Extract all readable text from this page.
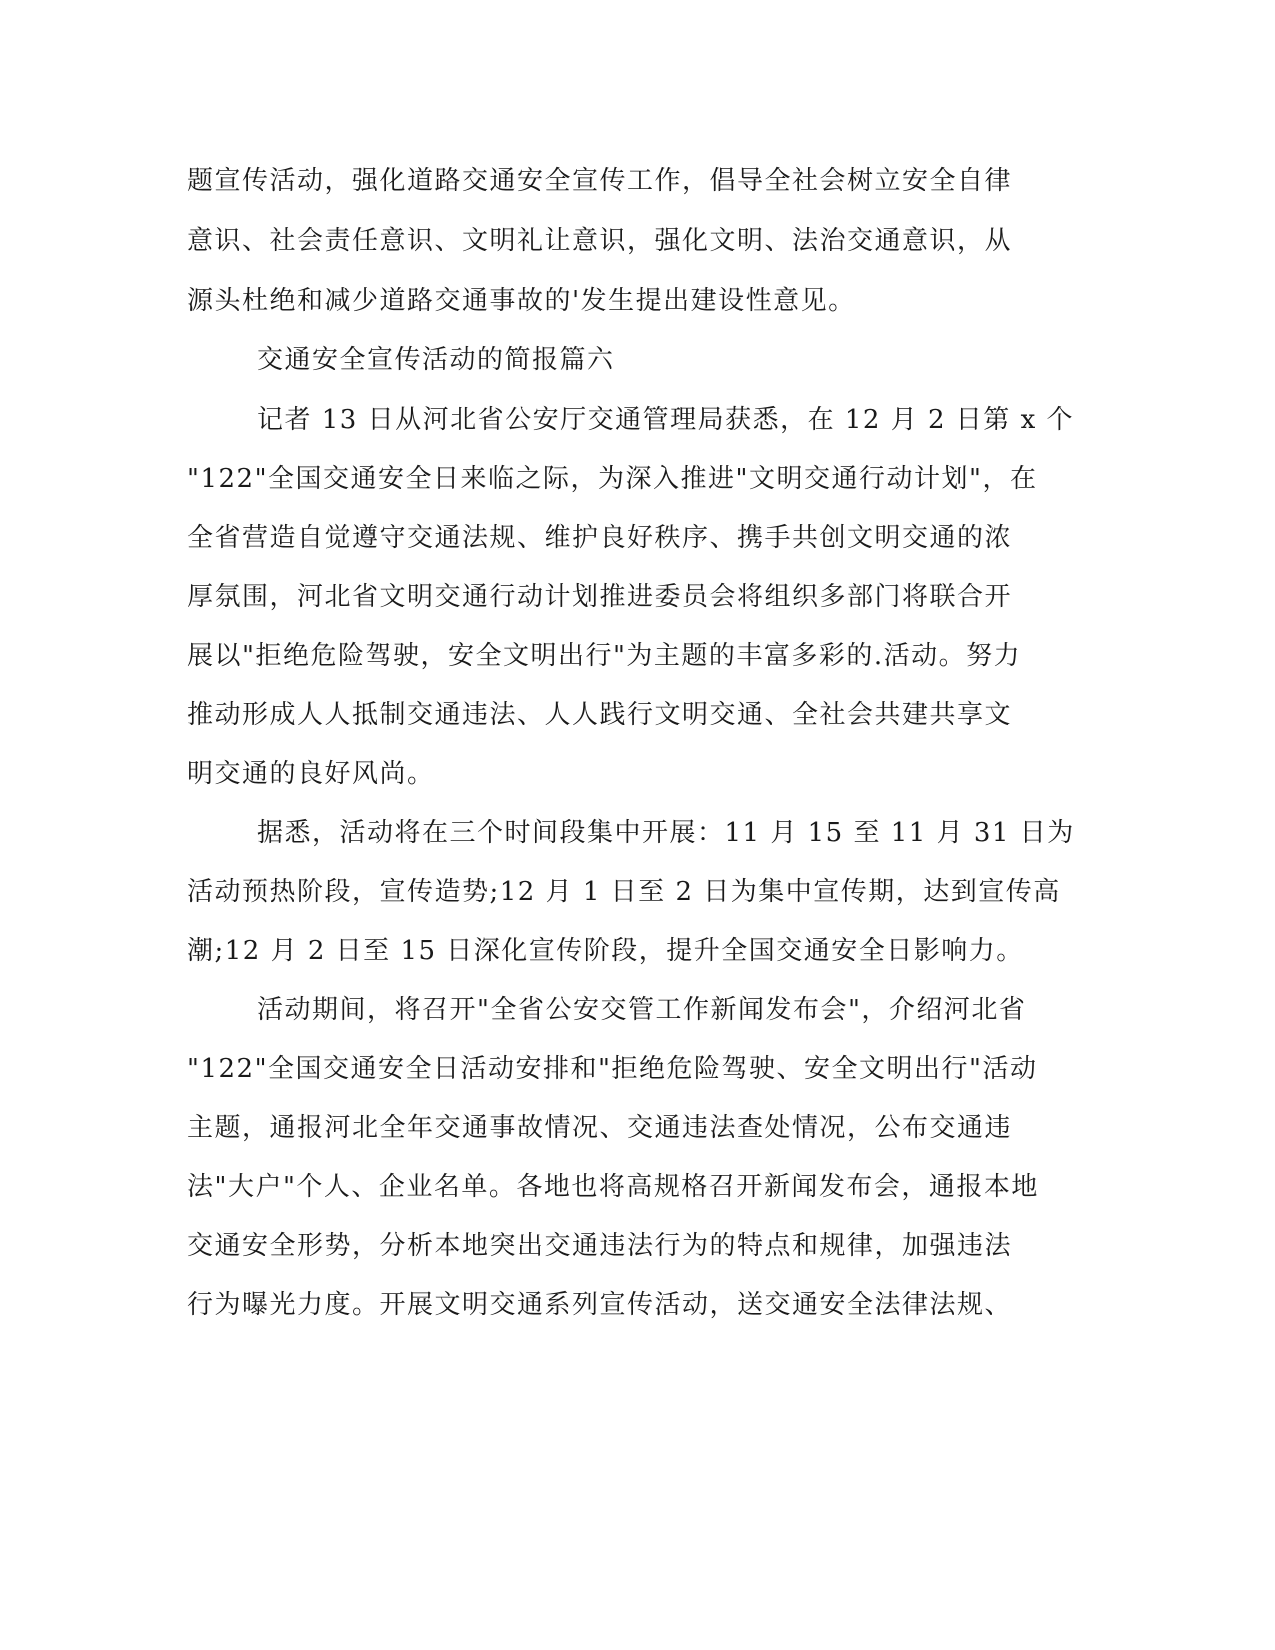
题宣传活动，强化道路交通安全宣传工作，倡导全社会树立安全自律
意识、社会责任意识、文明礼让意识，强化文明、法治交通意识，从
源头杜绝和减少道路交通事故的'发生提出建设性意见。
交通安全宣传活动的简报篇六
记者 13 日从河北省公安厅交通管理局获悉，在 12 月 2 日第 x 个
"122"全国交通安全日来临之际，为深入推进"文明交通行动计划"，在
全省营造自觉遵守交通法规、维护良好秩序、携手共创文明交通的浓
厚氛围，河北省文明交通行动计划推进委员会将组织多部门将联合开
展以"拒绝危险驾驶，安全文明出行"为主题的丰富多彩的.活动。努力
推动形成人人抵制交通违法、人人践行文明交通、全社会共建共享文
明交通的良好风尚。
据悉，活动将在三个时间段集中开展：11 月 15 至 11 月 31 日为
活动预热阶段，宣传造势;12 月 1 日至 2 日为集中宣传期，达到宣传高
潮;12 月 2 日至 15 日深化宣传阶段，提升全国交通安全日影响力。
活动期间，将召开"全省公安交管工作新闻发布会"，介绍河北省
"122"全国交通安全日活动安排和"拒绝危险驾驶、安全文明出行"活动
主题，通报河北全年交通事故情况、交通违法查处情况，公布交通违
法"大户"个人、企业名单。各地也将高规格召开新闻发布会，通报本地
交通安全形势，分析本地突出交通违法行为的特点和规律，加强违法
行为曝光力度。开展文明交通系列宣传活动，送交通安全法律法规、
